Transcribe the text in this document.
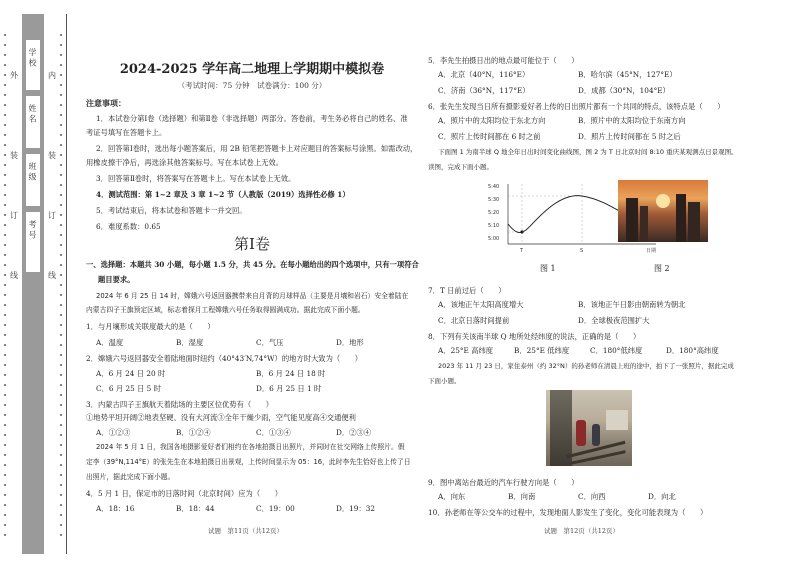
学 校
姓 名
班 级
考 号
外
装
订
线
内
装
订
线
2024-2025 学年高二地理上学期期中模拟卷
（考试时间：75 分钟　试卷满分：100 分）
注意事项：
1．本试卷分第Ⅰ卷（选择题）和第Ⅱ卷（非选择题）两部分。答卷前，考生务必将自己的姓名、准
考证号填写在答题卡上。
2．回答第Ⅰ卷时，选出每小题答案后，用 2B 铅笔把答题卡上对应题目的答案标号涂黑。如需改动，
用橡皮擦干净后，再选涂其他答案标号。写在本试卷上无效。
3．回答第Ⅱ卷时，将答案写在答题卡上。写在本试卷上无效。
4．测试范围：第 1~2 章及 3 章 1~2 节（人教版（2019）选择性必修 1）
5．考试结束后，将本试卷和答题卡一并交回。
6．难度系数：0.65
第Ⅰ卷
一、选择题：本题共 30 小题，每小题 1.5 分，共 45 分。在每小题给出的四个选项中，只有一项符合
题目要求。
2024 年 6 月 25 日 14 时，嫦娥六号返回器携带来自月背的月球样品（主要是月壤和岩石）安全着陆在
内蒙古四子王旗预定区域，标志着探月工程嫦娥六号任务取得圆满成功。据此完成下面小题。
1．与月壤形成关联度最大的是（　　）
A．温度	B．湿度	C．气压	D．地形
2．嫦娥六号返回器安全着陆地面时纽约（40°43′N,74°W）的地方时大致为（　　）
A．6 月 24 日 20 时	B．6 月 24 日 18 时
C．6 月 25 日 5 时	D．6 月 25 日 1 时
3．内蒙古四子王旗航天着陆场的主要区位优势有（　　）
①地势平坦开阔②地表坚硬、没有大河流③全年干燥少雨，空气能见度高④交通便利
A．①②③	B．①②④	C．①③④	D．②③④
2024 年 5 月 1 日，我国各地摄影爱好者们相约在各地拍摄日出照片，并同时在社交网络上传照片。假
定李（39°N,114°E）的张先生在本地拍摄日出景观，上传时间显示为 05：16，此时李先生恰好也上传了日
出照片，据此完成下面小题。
4．5 月 1 日，保定市的日落时间（北京时间）应为（　　）
A．18：16	B．18：44	C．19：00	D．19：32
试题　第11页（共12页）
5．李先生拍摄日出的地点最可能位于（　　）
A．北京（40°N，116°E）	B．哈尔滨（45°N，127°E）
C．济南（36°N，117°E）	D．成都（30°N，104°E）
6．张先生发现当日所有摄影爱好者上传的日出照片都有一个共同的特点，该特点是（　　）
A．照片中的太阳均位于东北方向	B．照片中的太阳均位于东南方向
C．照片上传时间都在 6 时之前	D．照片上传时间都在 5 时之后
下面图 1 为南半球 Q 地全年日出时间变化曲线图，图 2 为 T 日北京时间 8:10 重庆某观测点日景观图。
读图，完成下面小题。
5:40
5:30
5:20
5:10
5:00
T	S	日期
图 1	图 2
7．T 日前过后（　　）
A．该地正午太阳高度增大	B．该地正午日影由朝南转为朝北
C．北京日落时间提前	D．全球极夜范围扩大
8．下列有关该南半球 Q 地所处经纬度的说法，正确的是（　　）
A．25°E 高纬度	B．25°E 低纬度	C．180°低纬度	D．180°高纬度
2023 年 11 月 23 日，家住泰州（约 32°N）的孙老师在清晨上班的途中，拍下了一张照片，据此完成
下面小题。
9．图中离站台最近的汽车行驶方向是（　　）
A．向东	B．向南	C．向西	D．向北
10．孙老师在等公交车的过程中，发现地面人影发生了变化，变化可能表现为（　　）
试题　第12页（共12页）
